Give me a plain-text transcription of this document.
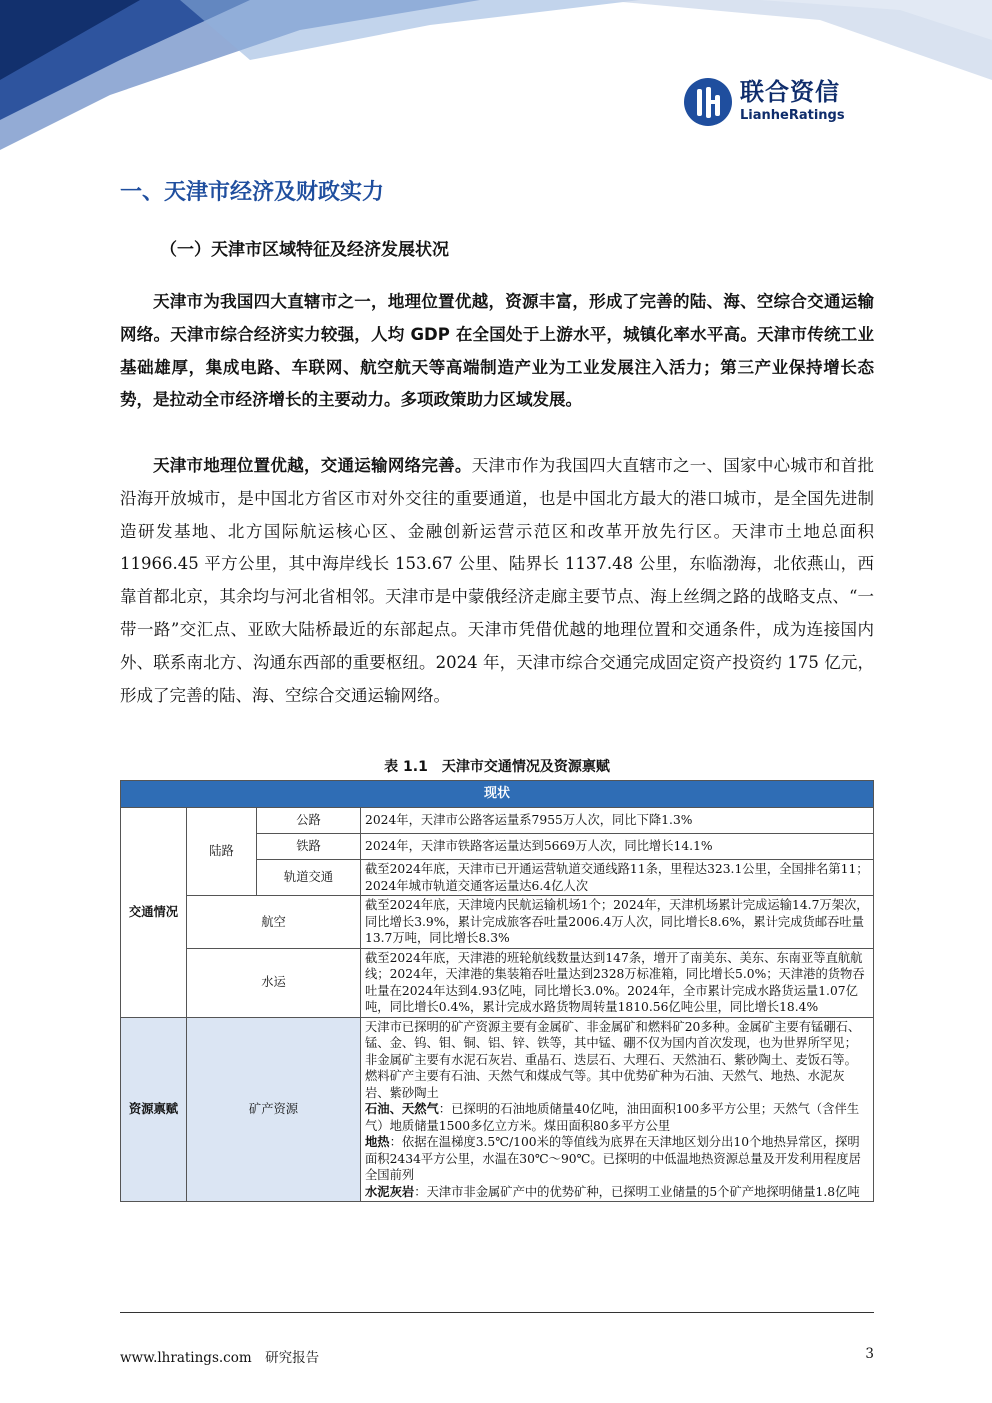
联合资信
LianheRatings
一、天津市经济及财政实力
（一）天津市区域特征及经济发展状况

天津市为我国四大直辖市之一，地理位置优越，资源丰富，形成了完善的陆、海、空综合交通运输网络。天津市综合经济实力较强，人均 GDP 在全国处于上游水平，城镇化率水平高。天津市传统工业基础雄厚，集成电路、车联网、航空航天等高端制造产业为工业发展注入活力；第三产业保持增长态势，是拉动全市经济增长的主要动力。多项政策助力区域发展。

天津市地理位置优越，交通运输网络完善。天津市作为我国四大直辖市之一、国家中心城市和首批沿海开放城市，是中国北方省区市对外交往的重要通道，也是中国北方最大的港口城市，是全国先进制造研发基地、北方国际航运核心区、金融创新运营示范区和改革开放先行区。天津市土地总面积 11966.45 平方公里，其中海岸线长 153.67 公里、陆界长 1137.48 公里，东临渤海，北依燕山，西靠首都北京，其余均与河北省相邻。天津市是中蒙俄经济走廊主要节点、海上丝绸之路的战略支点、“一带一路”交汇点、亚欧大陆桥最近的东部起点。天津市凭借优越的地理位置和交通条件，成为连接国内外、联系南北方、沟通东西部的重要枢纽。2024 年，天津市综合交通完成固定资产投资约 175 亿元，形成了完善的陆、海、空综合交通运输网络。

表 1.1　天津市交通情况及资源禀赋
现状			
交通情况	陆路	公路	2024年，天津市公路客运量系7955万人次，同比下降1.3%
		铁路	2024年，天津市铁路客运量达到5669万人次，同比增长14.1%
		轨道交通	截至2024年底，天津市已开通运营轨道交通线路11条，里程达323.1公里，全国排名第11；2024年城市轨道交通客运量达6.4亿人次
	航空		截至2024年底，天津境内民航运输机场1个；2024年，天津机场累计完成运输14.7万架次，同比增长3.9%，累计完成旅客吞吐量2006.4万人次，同比增长8.6%，累计完成货邮吞吐量13.7万吨，同比增长8.3%
	水运		截至2024年底，天津港的班轮航线数量达到147条，增开了南美东、美东、东南亚等直航航线；2024年，天津港的集装箱吞吐量达到2328万标准箱，同比增长5.0%；天津港的货物吞吐量在2024年达到4.93亿吨，同比增长3.0%。2024年，全市累计完成水路货运量1.07亿吨，同比增长0.4%，累计完成水路货物周转量1810.56亿吨公里，同比增长18.4%
资源禀赋	矿产资源		天津市已探明的矿产资源主要有金属矿、非金属矿和燃料矿20多种。金属矿主要有锰硼石、锰、金、钨、钼、铜、铝、锌、铁等，其中锰、硼不仅为国内首次发现，也为世界所罕见；非金属矿主要有水泥石灰岩、重晶石、迭层石、大理石、天然油石、紫砂陶土、麦饭石等。燃料矿产主要有石油、天然气和煤成气等。其中优势矿种为石油、天然气、地热、水泥灰岩、紫砂陶土
石油、天然气：已探明的石油地质储量40亿吨，油田面积100多平方公里；天然气（含伴生气）地质储量1500多亿立方米。煤田面积80多平方公里
地热：依据在温梯度3.5℃/100米的等值线为底界在天津地区划分出10个地热异常区，探明面积2434平方公里，水温在30℃～90℃。已探明的中低温地热资源总量及开发利用程度居全国前列
水泥灰岩：天津市非金属矿产中的优势矿种，已探明工业储量的5个矿产地探明储量1.8亿吨
www.lhratings.com　 研究报告	3
